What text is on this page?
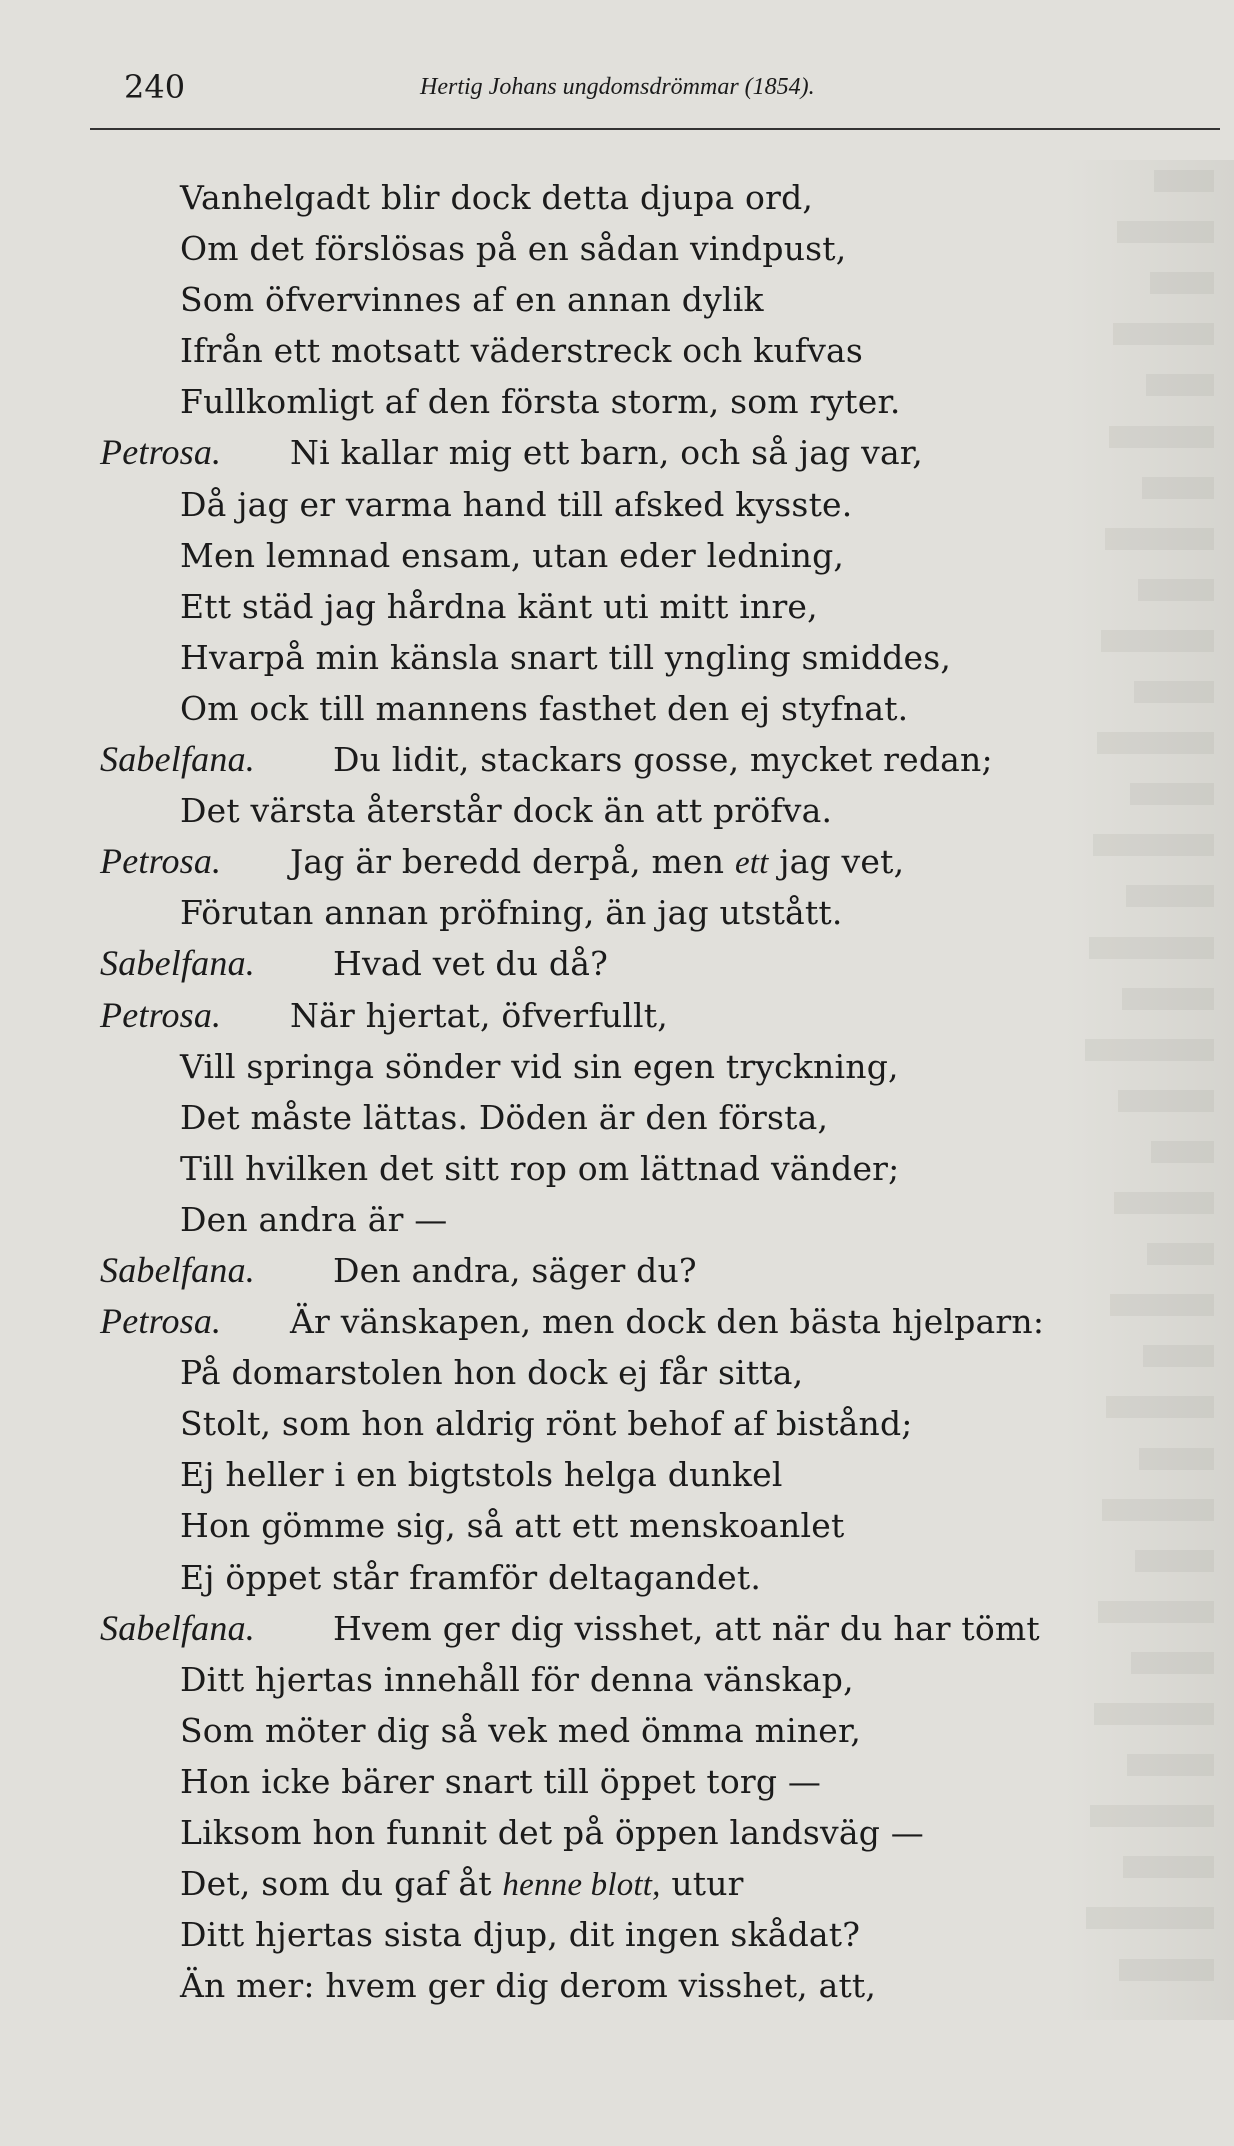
240	Hertig Johans ungdomsdrömmar (1854).
Vanhelgadt blir dock detta djupa ord,
Om det förslösas på en sådan vindpust,
Som öfvervinnes af en annan dylik
Ifrån ett motsatt väderstreck och kufvas
Fullkomligt af den första storm, som ryter.
Petrosa. Ni kallar mig ett barn, och så jag var,
Då jag er varma hand till afsked kysste.
Men lemnad ensam, utan eder ledning,
Ett städ jag hårdna känt uti mitt inre,
Hvarpå min känsla snart till yngling smiddes,
Om ock till mannens fasthet den ej styfnat.
Sabelfana. Du lidit, stackars gosse, mycket redan;
Det värsta återstår dock än att pröfva.
Petrosa. Jag är beredd derpå, men ett jag vet,
Förutan annan pröfning, än jag utstått.
Sabelfana. Hvad vet du då?
Petrosa. När hjertat, öfverfullt,
Vill springa sönder vid sin egen tryckning,
Det måste lättas. Döden är den första,
Till hvilken det sitt rop om lättnad vänder;
Den andra är —
Sabelfana. Den andra, säger du?
Petrosa. Är vänskapen, men dock den bästa hjelparn:
På domarstolen hon dock ej får sitta,
Stolt, som hon aldrig rönt behof af bistånd;
Ej heller i en bigtstols helga dunkel
Hon gömme sig, så att ett menskoanlet
Ej öppet står framför deltagandet.
Sabelfana. Hvem ger dig visshet, att när du har tömt
Ditt hjertas innehåll för denna vänskap,
Som möter dig så vek med ömma miner,
Hon icke bärer snart till öppet torg —
Liksom hon funnit det på öppen landsväg —
Det, som du gaf åt henne blott, utur
Ditt hjertas sista djup, dit ingen skådat?
Än mer: hvem ger dig derom visshet, att,
